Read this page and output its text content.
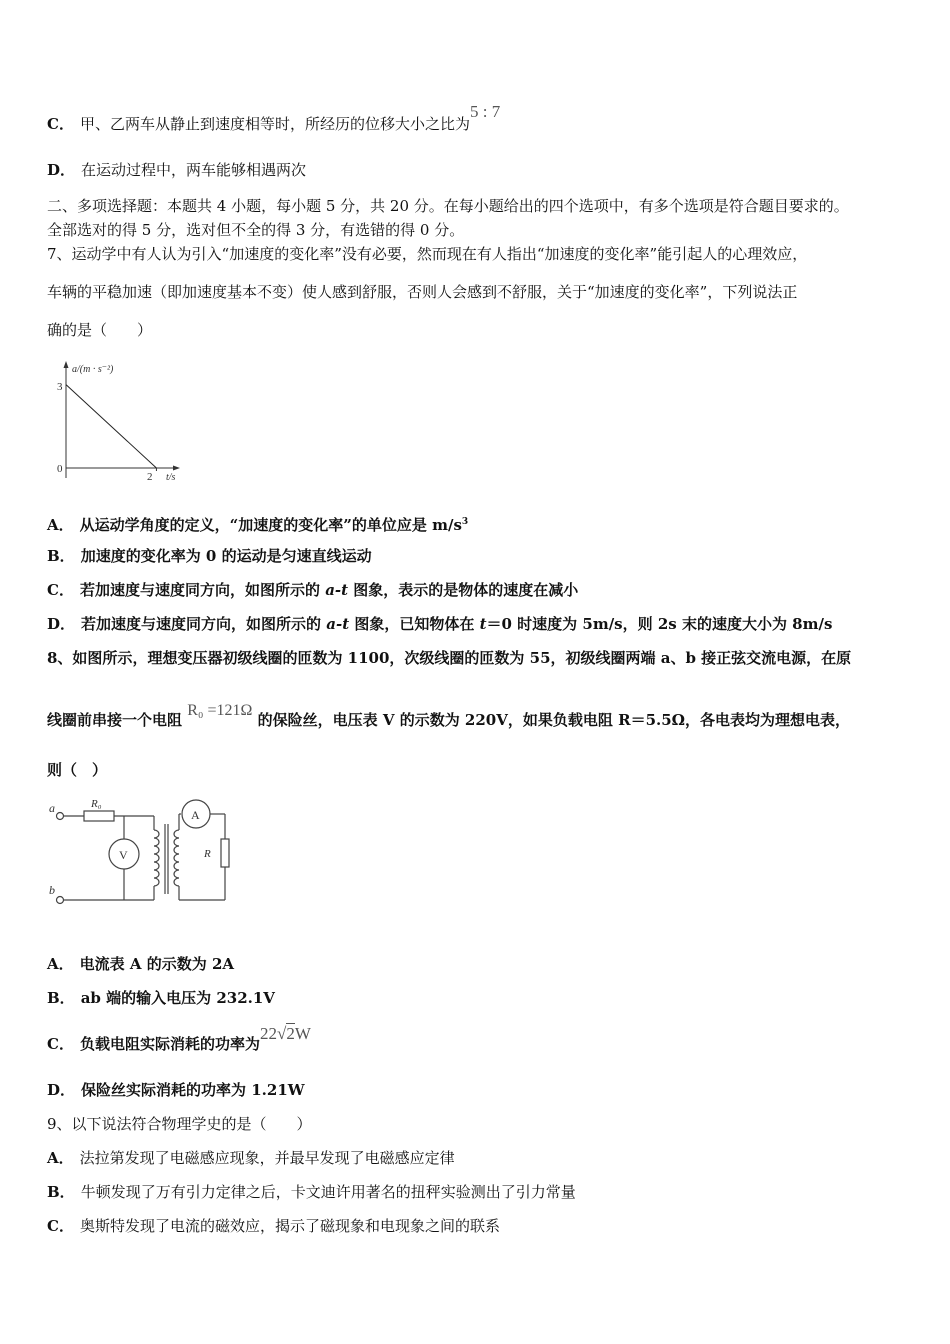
C． 甲、乙两车从静止到速度相等时，所经历的位移大小之比为5 : 7
D． 在运动过程中，两车能够相遇两次
二、多项选择题：本题共 4 小题，每小题 5 分，共 20 分。在每小题给出的四个选项中，有多个选项是符合题目要求的。
全部选对的得 5 分，选对但不全的得 3 分，有选错的得 0 分。
7、运动学中有人认为引入“加速度的变化率”没有必要，然而现在有人指出“加速度的变化率”能引起人的心理效应，
车辆的平稳加速（即加速度基本不变）使人感到舒服，否则人会感到不舒服，关于“加速度的变化率”，下列说法正
确的是（　　）
a/(m · s⁻²)
3
0
2 t/s
A． 从运动学角度的定义，“加速度的变化率”的单位应是 $m/s^3$
B． 加速度的变化率为 0 的运动是匀速直线运动
C． 若加速度与速度同方向，如图所示的 a-t 图象，表示的是物体的速度在减小
D． 若加速度与速度同方向，如图所示的 a-t 图象，已知物体在 t＝0 时速度为 5m/s，则 2s 末的速度大小为 8m/s
8、如图所示，理想变压器初级线圈的匝数为 1100，次级线圈的匝数为 55，初级线圈两端 a、b 接正弦交流电源，在原
线圈前串接一个电阻 R₀ =121Ω 的保险丝，电压表 V 的示数为 220V，如果负载电阻 R＝5.5Ω，各电表均为理想电表，
则（　）
a
b
R₀
V
A
R
A． 电流表 A 的示数为 2A
B． ab 端的输入电压为 232.1V
C． 负载电阻实际消耗的功率为22√2W
D． 保险丝实际消耗的功率为 1.21W
9、以下说法符合物理学史的是（　　）
A． 法拉第发现了电磁感应现象，并最早发现了电磁感应定律
B． 牛顿发现了万有引力定律之后，卡文迪许用著名的扭秤实验测出了引力常量
C． 奥斯特发现了电流的磁效应，揭示了磁现象和电现象之间的联系
